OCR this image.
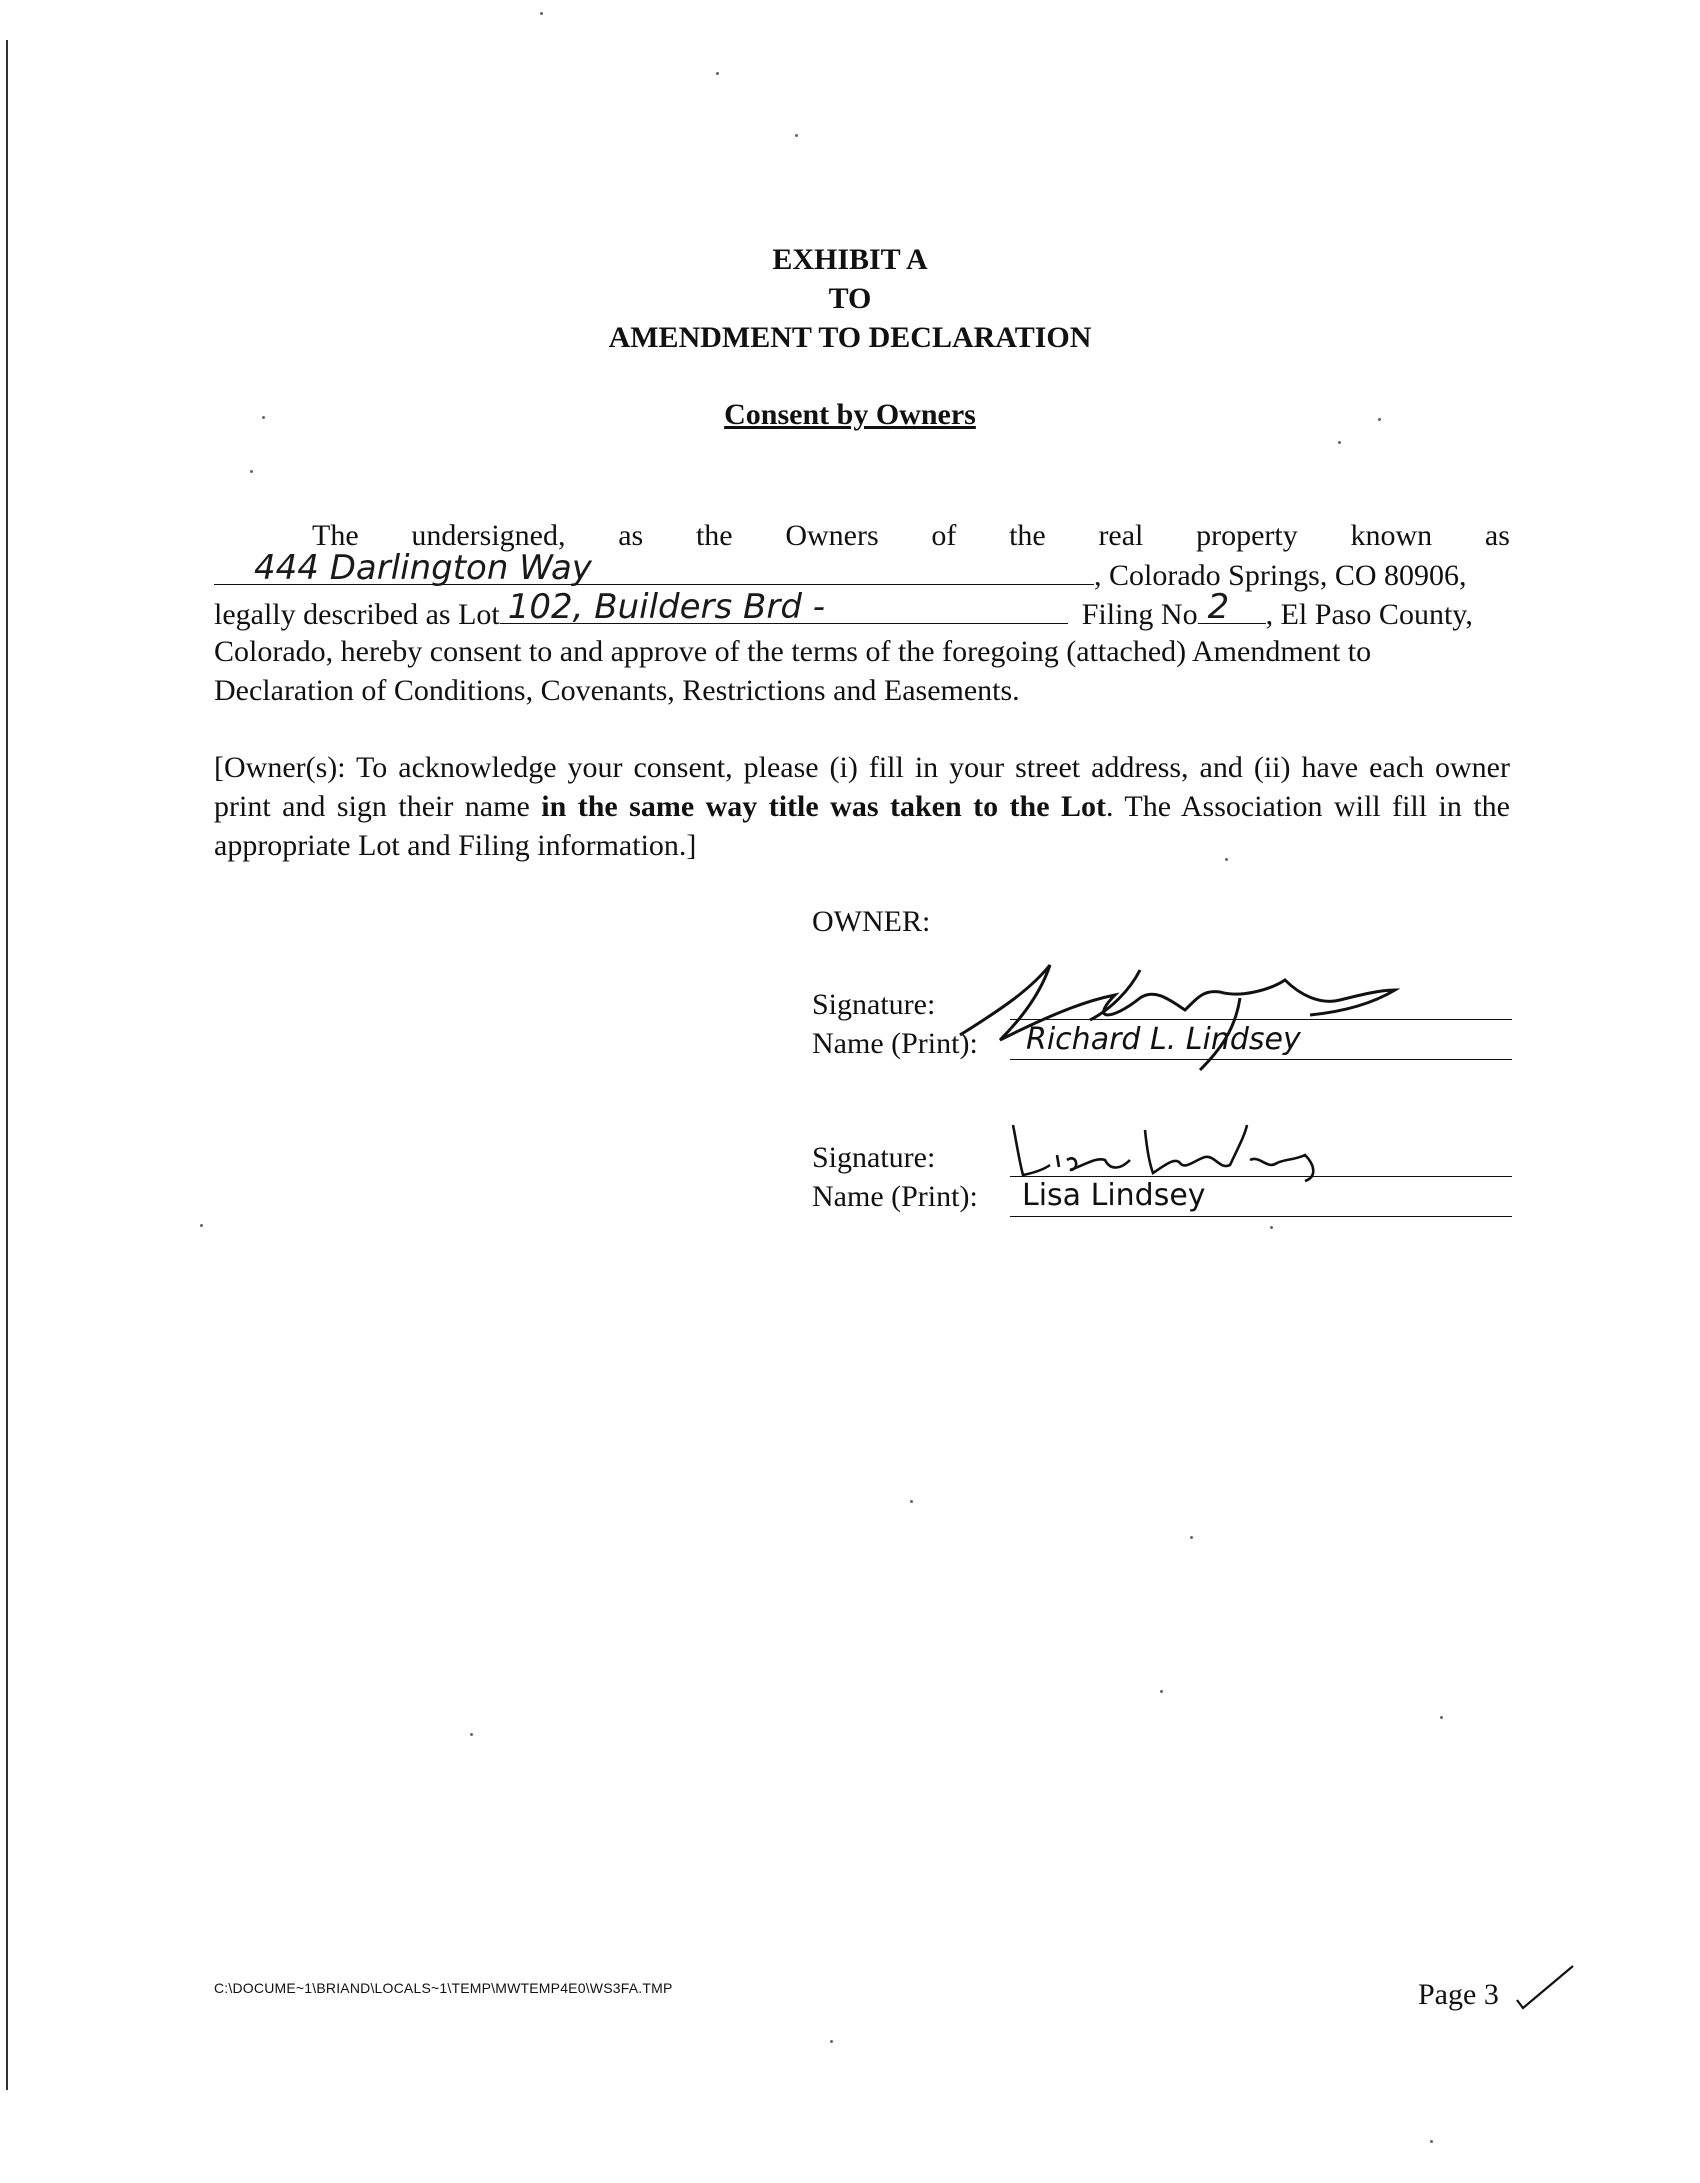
EXHIBIT A
TO
AMENDMENT TO DECLARATION
Consent by Owners
The undersigned, as the Owners of the real property known as
444 Darlington Way	, Colorado Springs, CO 80906,
legally described as Lot 102, Builders Brd -	Filing No 2 , El Paso County,
Colorado, hereby consent to and approve of the terms of the foregoing (attached) Amendment to
Declaration of Conditions, Covenants, Restrictions and Easements.
[Owner(s): To acknowledge your consent, please (i) fill in your street address, and (ii) have each owner print and sign their name in the same way title was taken to the Lot. The Association will fill in the appropriate Lot and Filing information.]
OWNER:
Signature:
Name (Print):	Richard L. Lindsey
Signature:
Name (Print):	Lisa Lindsey
C:\DOCUME~1\BRIAND\LOCALS~1\TEMP\MWTEMP4E0\WS3FA.TMP	Page 3
